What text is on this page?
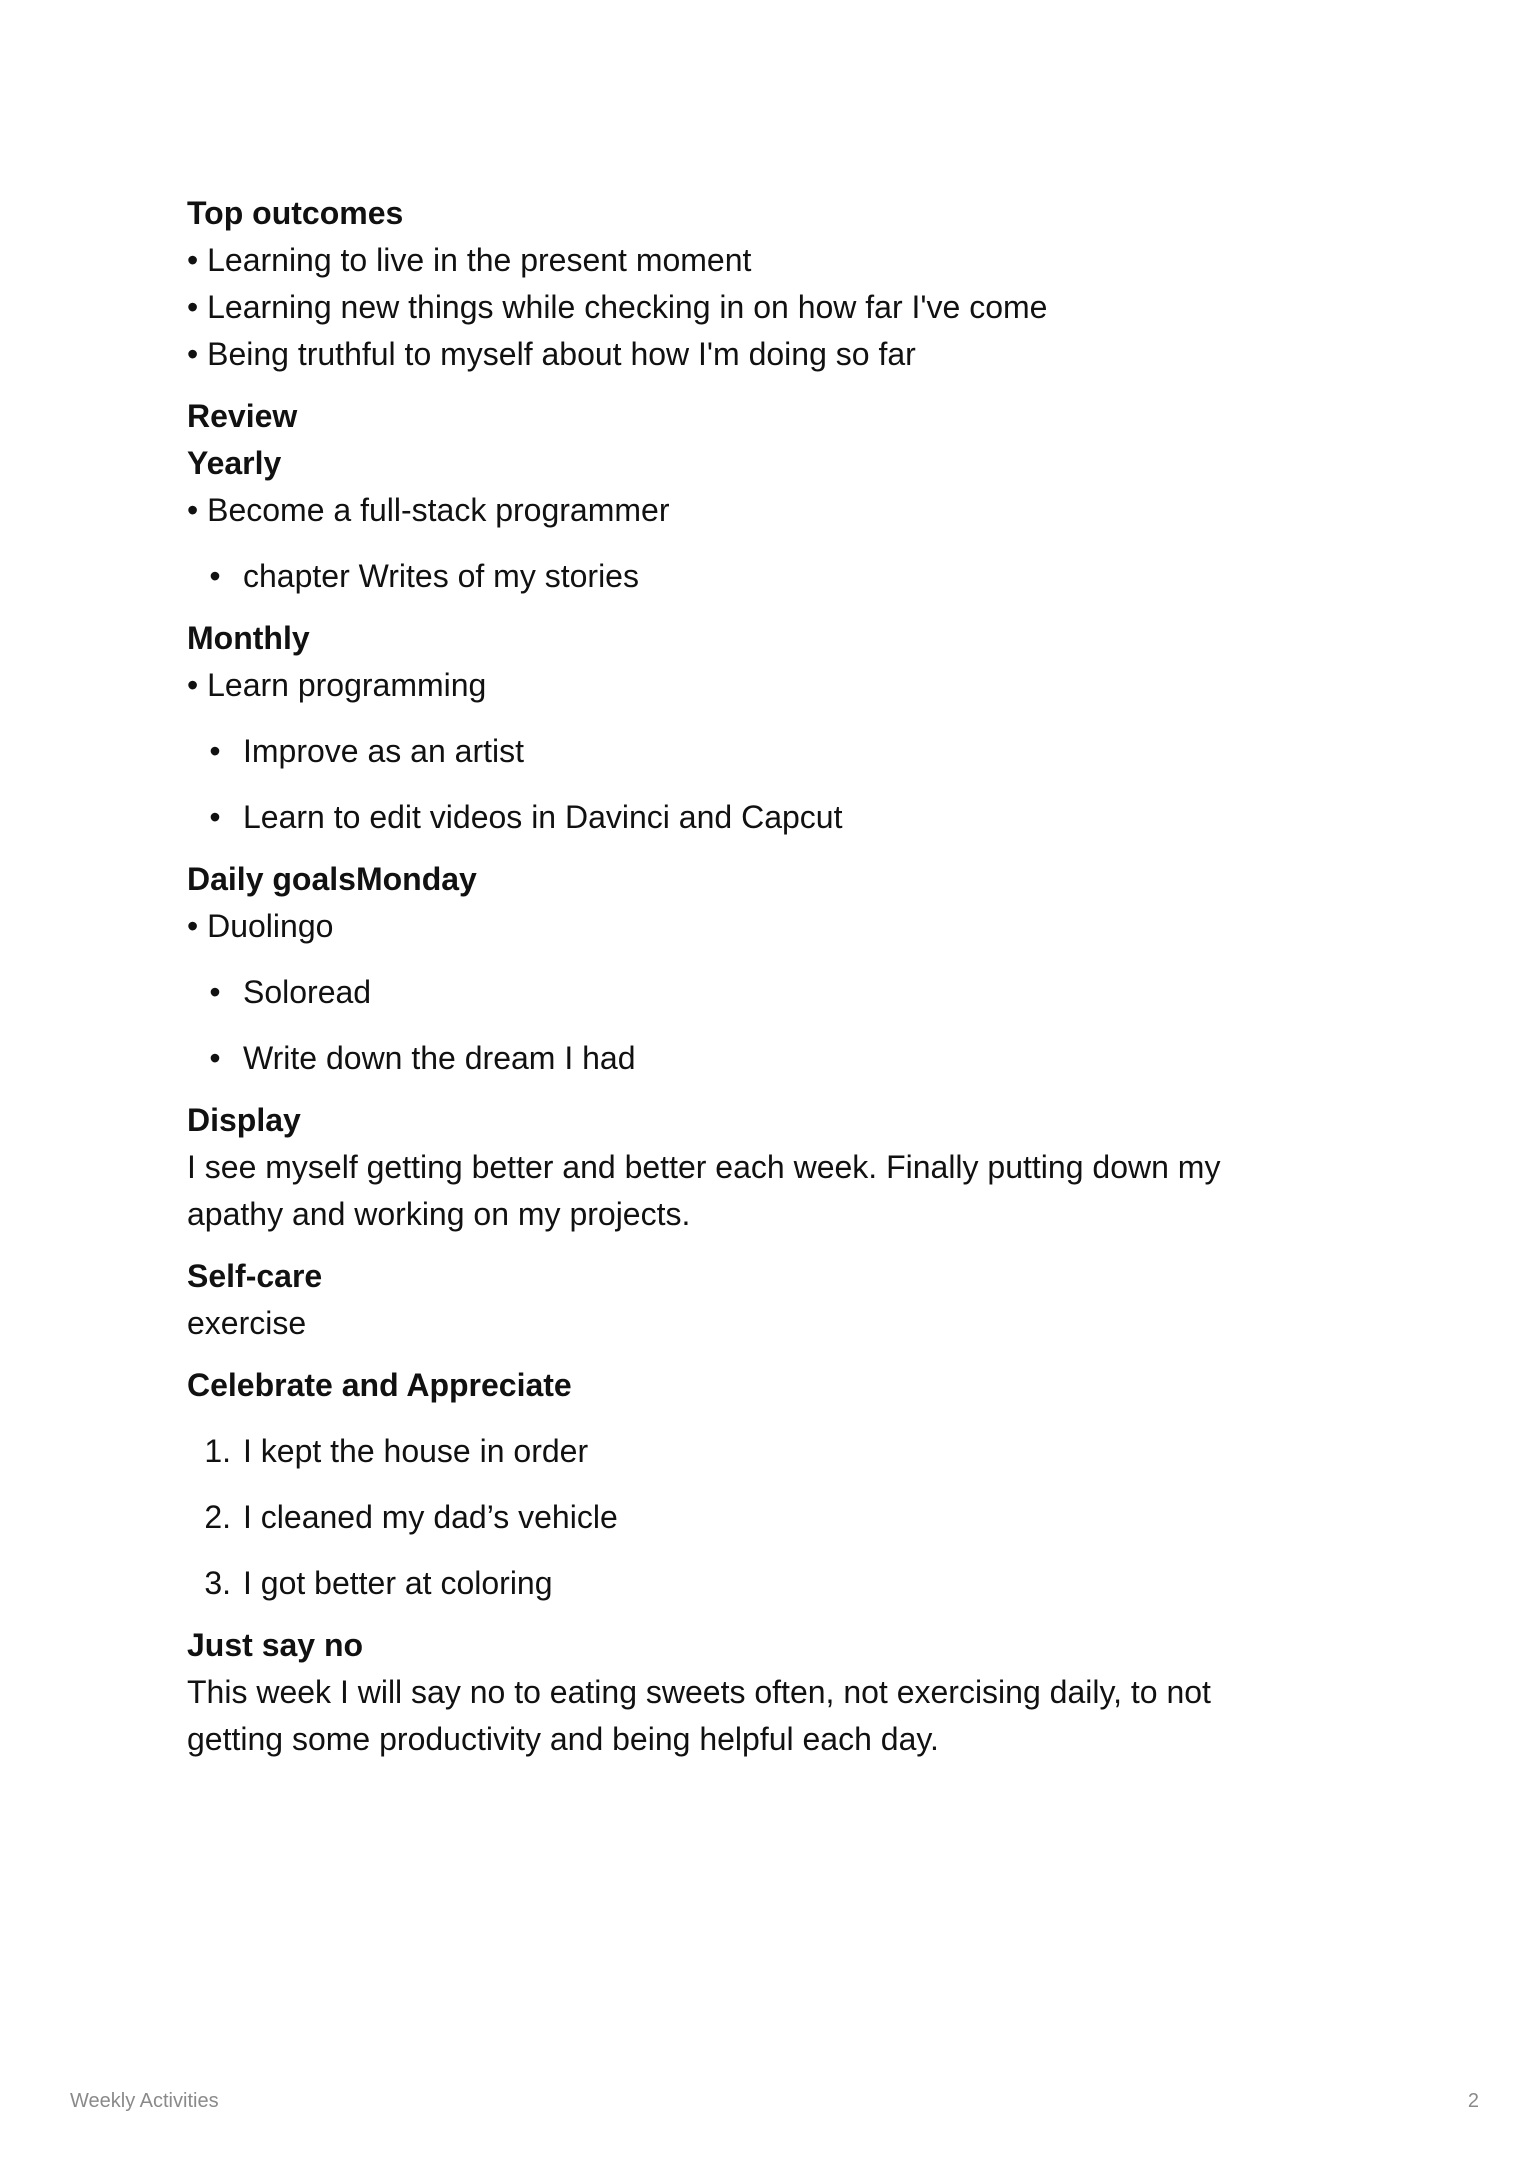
Top outcomes

• Learning to live in the present moment

• Learning new things while checking in on how far I've come

• Being truthful to myself about how I'm doing so far

Review

Yearly

• Become a full-stack programmer

• chapter Writes of my stories

Monthly

• Learn programming

• Improve as an artist
• Learn to edit videos in Davinci and Capcut

Daily goalsMonday

• Duolingo

• Soloread
• Write down the dream I had

Display

I see myself getting better and better each week. Finally putting down my

apathy and working on my projects.

Self-care

exercise

Celebrate and Appreciate

1. I kept the house in order
2. I cleaned my dad’s vehicle
3. I got better at coloring

Just say no

This week I will say no to eating sweets often, not exercising daily, to not

getting some productivity and being helpful each day.

Weekly Activities	2
